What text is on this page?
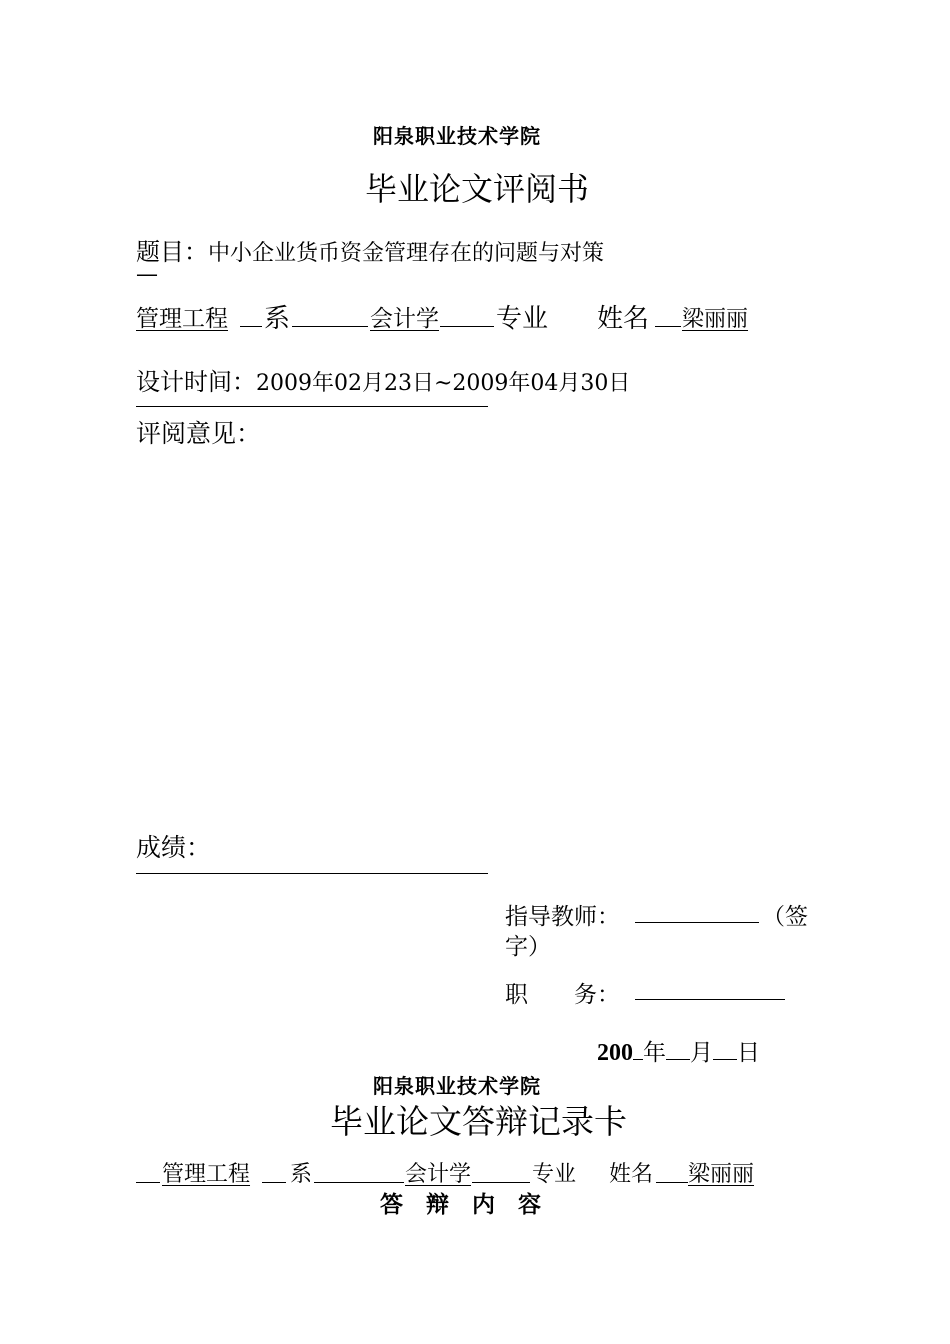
阳泉职业技术学院
毕业论文评阅书
题目：中小企业货币资金管理存在的问题与对策
—
管理工程 系	会计学 专业 姓名 梁丽丽
设计时间：2009年02月23日~2009年04月30日
评阅意见：
成绩：
指导教师：	（签
字）
职　　务：
200 年 月 日
阳泉职业技术学院
毕业论文答辩记录卡
管理工程 系	会计学	专业 姓名 梁丽丽
答　辩　内　容
